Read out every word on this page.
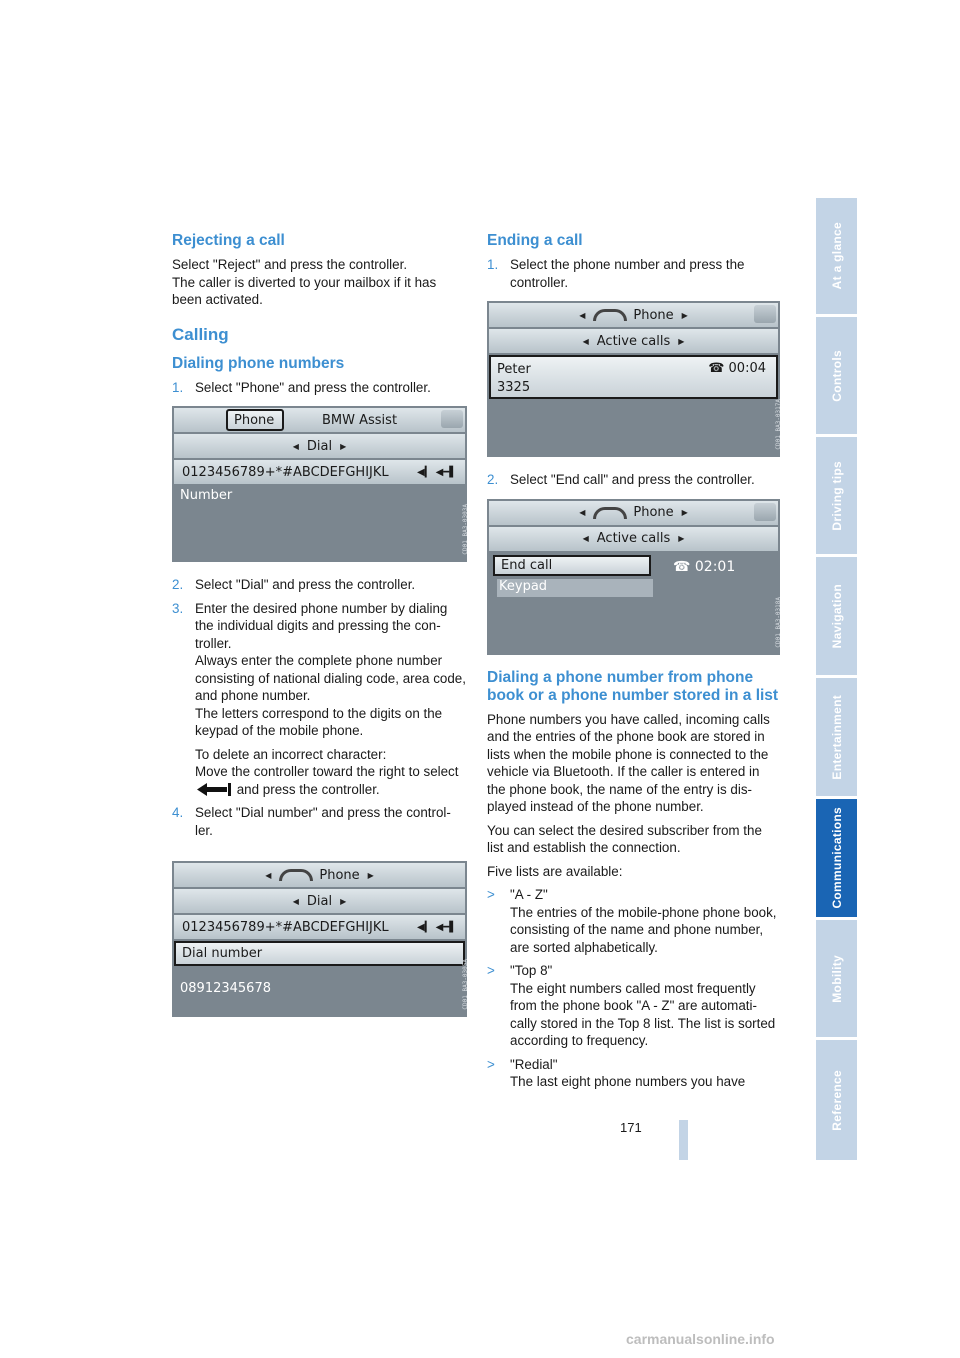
Rejecting a call

Select "Reject" and press the controller.
The caller is diverted to your mailbox if it has been activated.

Calling
Dialing phone numbers
1. Select "Phone" and press the controller.
Phone	BMW Assist
◀ Dial ▶
0123456789+*#ABCDEFGHIJKL	◀▎ ◀━▌
Number
CD01 BA3-0303A
2. Select "Dial" and press the controller.
3. Enter the desired phone number by dialing the individual digits and pressing the con-troller.
Always enter the complete phone number consisting of national dialing code, area code, and phone number.
The letters correspond to the digits on the keypad of the mobile phone.
To delete an incorrect character:
Move the controller toward the right to select  and press the controller.
4. Select "Dial number" and press the control-ler.
◀	Phone ▶
◀ Dial ▶
0123456789+*#ABCDEFGHIJKL	◀▎ ◀━▌
Dial number
08912345678	CD01 BA3-0305A
Ending a call
1. Select the phone number and press the controller.
◀	Phone ▶
◀ Active calls ▶
Peter
3325
☎ 00:04
CD01 BA3-0317A
2. Select "End call" and press the controller.
◀	Phone ▶
◀ Active calls ▶
End call
Keypad
☎ 02:01
CD01 BA3-0318A
Dialing a phone number from phone book or a phone number stored in a list

Phone numbers you have called, incoming calls and the entries of the phone book are stored in lists when the mobile phone is connected to the vehicle via Bluetooth. If the caller is entered in the phone book, the name of the entry is dis-played instead of the phone number.

You can select the desired subscriber from the list and establish the connection.

Five lists are available:

> "A - Z"
The entries of the mobile-phone phone book, consisting of the name and phone number, are sorted alphabetically.
> "Top 8"
The eight numbers called most frequently from the phone book "A - Z" are automati-cally stored in the Top 8 list. The list is sorted according to frequency.
> "Redial"
The last eight phone numbers you have
At a glance
Controls
Driving tips
Navigation
Entertainment
Communications
Mobility
Reference
171
carmanualsonline.info
